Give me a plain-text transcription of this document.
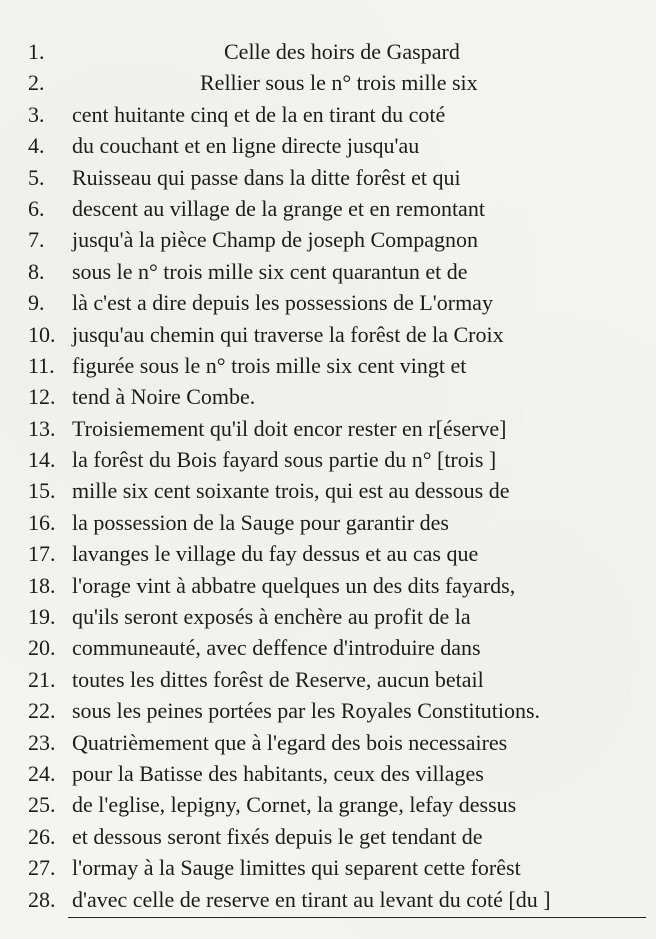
1.	Celle des hoirs de Gaspard
2.	Rellier sous le n° trois mille six
3. cent huitante cinq et de la en tirant du coté
4. du couchant et en ligne directe jusqu'au
5. Ruisseau qui passe dans la ditte forêst et qui
6. descent au village de la grange et en remontant
7. jusqu'à la pièce Champ de joseph Compagnon
8. sous le n° trois mille six cent quarantun et de
9. là c'est a dire depuis les possessions de L'ormay
10. jusqu'au chemin qui traverse la forêst de la Croix
11. figurée sous le n° trois mille six cent vingt et
12. tend à Noire Combe.
13. Troisiemement qu'il doit encor rester en r[éserve]
14. la forêst du Bois fayard sous partie du n° [trois ]
15. mille six cent soixante trois, qui est au dessous de
16. la possession de la Sauge pour garantir des
17. lavanges le village du fay dessus et au cas que
18. l'orage vint à abbatre quelques un des dits fayards,
19. qu'ils seront exposés à enchère au profit de la
20. communeauté, avec deffence d'introduire dans
21. toutes les dittes forêst de Reserve, aucun betail
22. sous les peines portées par les Royales Constitutions.
23. Quatrièmement que à l'egard des bois necessaires
24. pour la Batisse des habitants, ceux des villages
25. de l'eglise, lepigny, Cornet, la grange, lefay dessus
26. et dessous seront fixés depuis le get tendant de
27. l'ormay à la Sauge limittes qui separent cette forêst
28. d'avec celle de reserve en tirant au levant du coté [du ]
